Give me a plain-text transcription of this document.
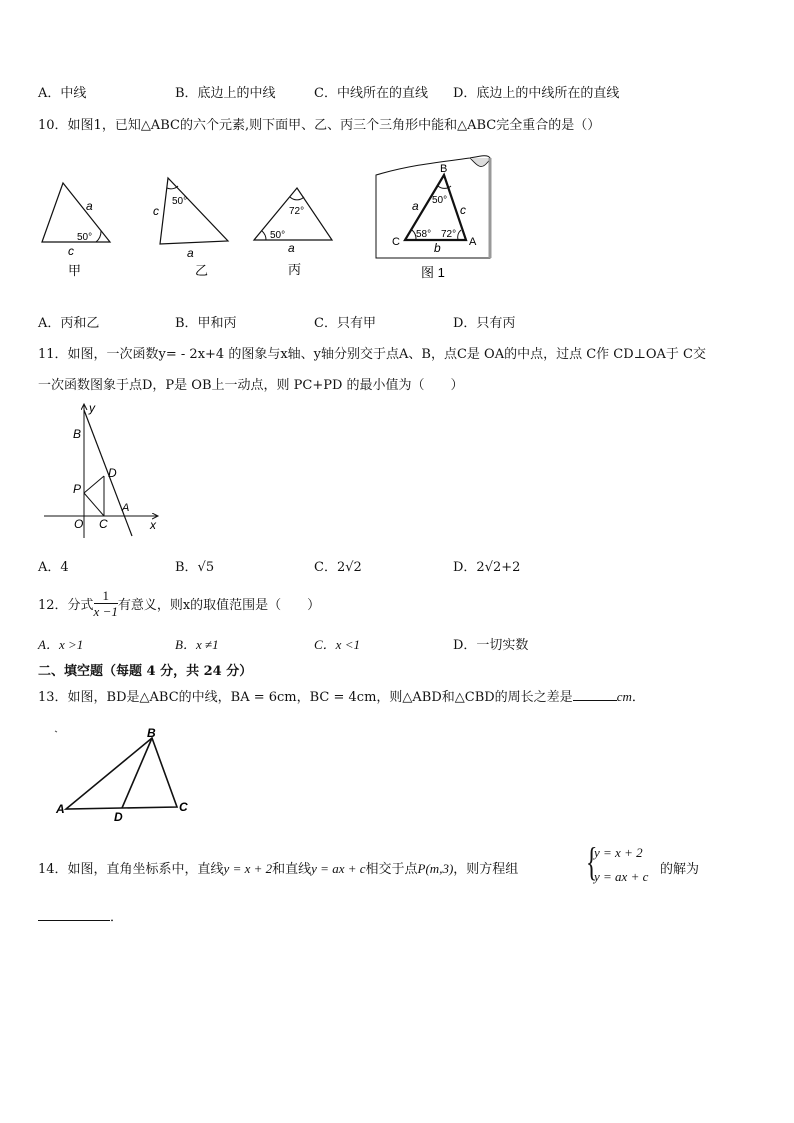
A．中线	B．底边上的中线	C．中线所在的直线 D．底边上的中线所在的直线
10．如图1，已知△ABC的六个元素,则下面甲、乙、丙三个三角形中能和△ABC完全重合的是（）
a
50°
c
甲
50°
c
a
乙
72°
50°
a
丙
B
C	A
a	c
b
50°
58° 72°
图 1
A．丙和乙	B．甲和丙	C．只有甲	D．只有丙
11．如图，一次函数y= - 2x+4 的图象与x轴、y轴分别交于点A、B，点C是 OA的中点，过点 C作 CD⊥OA于 C交
一次函数图象于点D，P是 OB上一动点，则 PC+PD 的最小值为（　　）
y
x
B
D
P
O C
A
A．4	B．√5	C．2√2	D．2√2+2
12．分式 $\frac{1}{x -1}$ 有意义，则x的取值范围是（　　）
A．x >1	B．x ≠1	C．x <1	D．一切实数
二、填空题（每题 4 分，共 24 分）
13．如图，BD是△ABC的中线，BA = 6cm，BC = 4cm，则△ABD和△CBD的周长之差是	cm．
B
A	C
D
14．如图，直角坐标系中，直线y = x + 2和直线y = ax + c相交于点P(m,3)，则方程组 {
y = x + 2
y = ax + c 的解为
．
